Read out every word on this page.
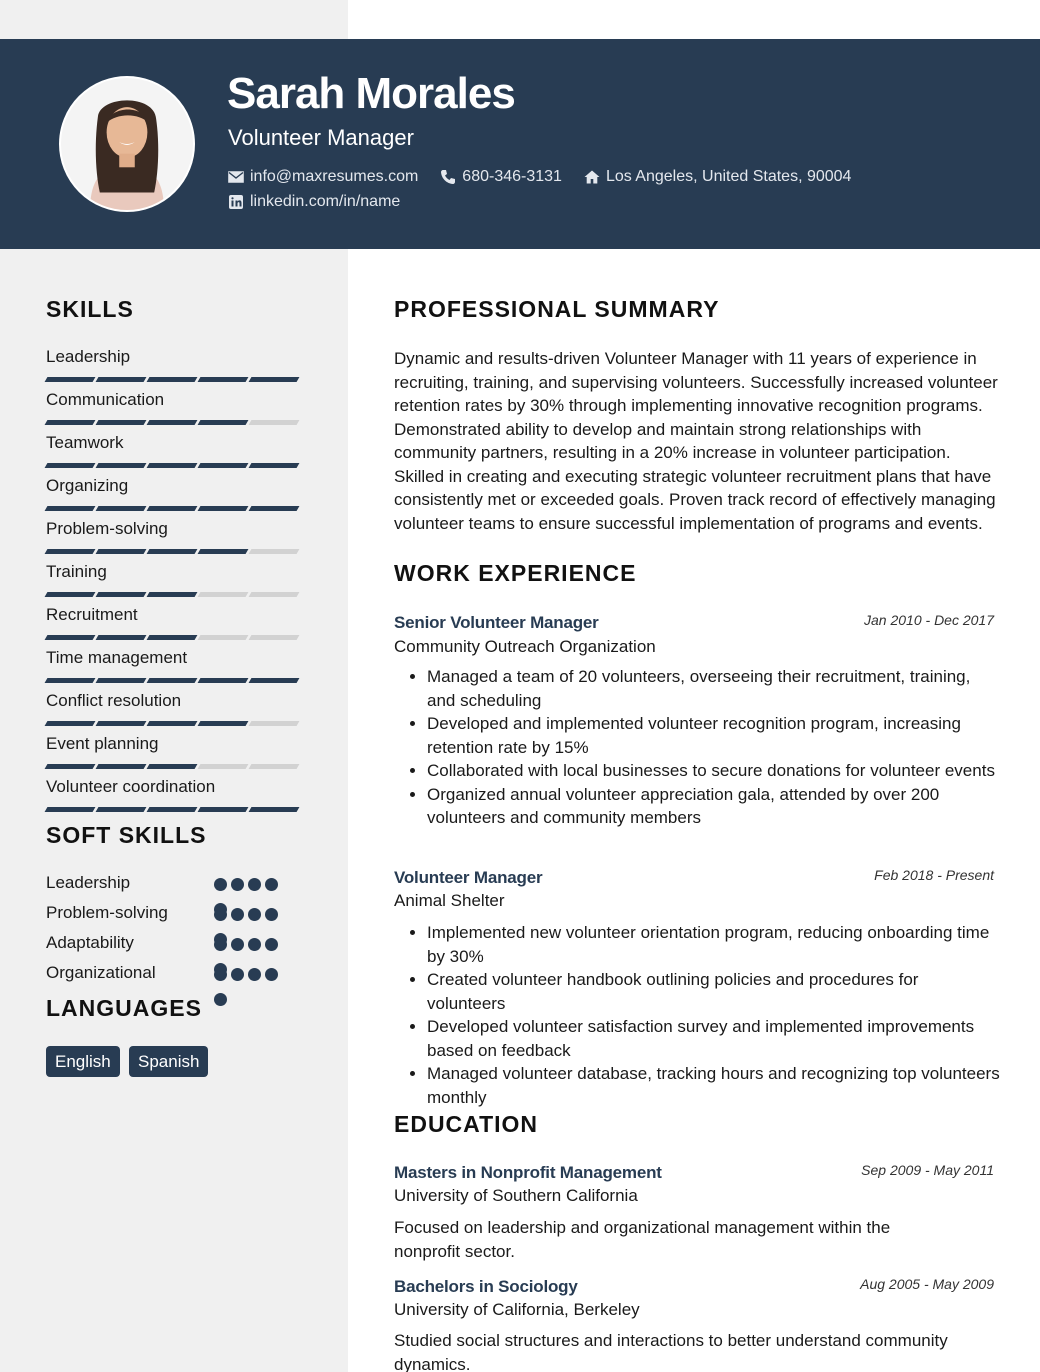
Sarah Morales
Volunteer Manager
info@maxresumes.com	680-346-3131	Los Angeles, United States, 90004
linkedin.com/in/name
SKILLS
Leadership
Communication
Teamwork
Organizing
Problem-solving
Training
Recruitment
Time management
Conflict resolution
Event planning
Volunteer coordination
SOFT SKILLS
Leadership
Problem-solving
Adaptability
Organizational
LANGUAGES
English	Spanish
PROFESSIONAL SUMMARY
Dynamic and results-driven Volunteer Manager with 11 years of experience in recruiting, training, and supervising volunteers. Successfully increased volunteer retention rates by 30% through implementing innovative recognition programs. Demonstrated ability to develop and maintain strong relationships with community partners, resulting in a 20% increase in volunteer participation. Skilled in creating and executing strategic volunteer recruitment plans that have consistently met or exceeded goals. Proven track record of effectively managing volunteer teams to ensure successful implementation of programs and events.
WORK EXPERIENCE
Senior Volunteer Manager	Jan 2010 - Dec 2017
Community Outreach Organization
Managed a team of 20 volunteers, overseeing their recruitment, training, and scheduling
Developed and implemented volunteer recognition program, increasing retention rate by 15%
Collaborated with local businesses to secure donations for volunteer events
Organized annual volunteer appreciation gala, attended by over 200 volunteers and community members
Volunteer Manager	Feb 2018 - Present
Animal Shelter
Implemented new volunteer orientation program, reducing onboarding time by 30%
Created volunteer handbook outlining policies and procedures for volunteers
Developed volunteer satisfaction survey and implemented improvements based on feedback
Managed volunteer database, tracking hours and recognizing top volunteers monthly
EDUCATION
Masters in Nonprofit Management	Sep 2009 - May 2011
University of Southern California
Focused on leadership and organizational management within the nonprofit sector.
Bachelors in Sociology	Aug 2005 - May 2009
University of California, Berkeley
Studied social structures and interactions to better understand community dynamics.
